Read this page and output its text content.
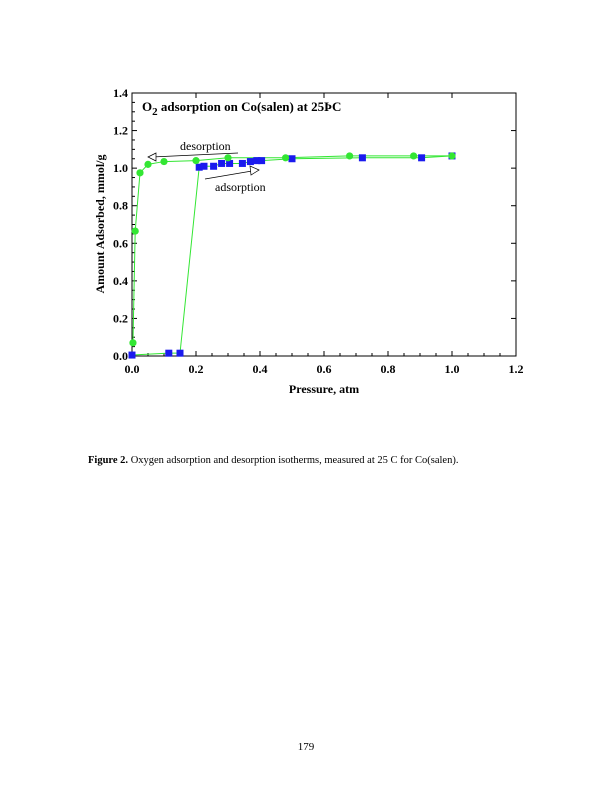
0.0	0.2	0.4	0.6	0.8	1.0	1.2
0.0
0.2
0.4
0.6
0.8
1.0
1.2
1.4
$O_2$ adsorption on Co(salen) at 25ÞC
desorption
adsorption
Pressure, atm
Amount Adsorbed, mmol/g
Figure 2. Oxygen adsorption and desorption isotherms, measured at 25 C for Co(salen).
179
